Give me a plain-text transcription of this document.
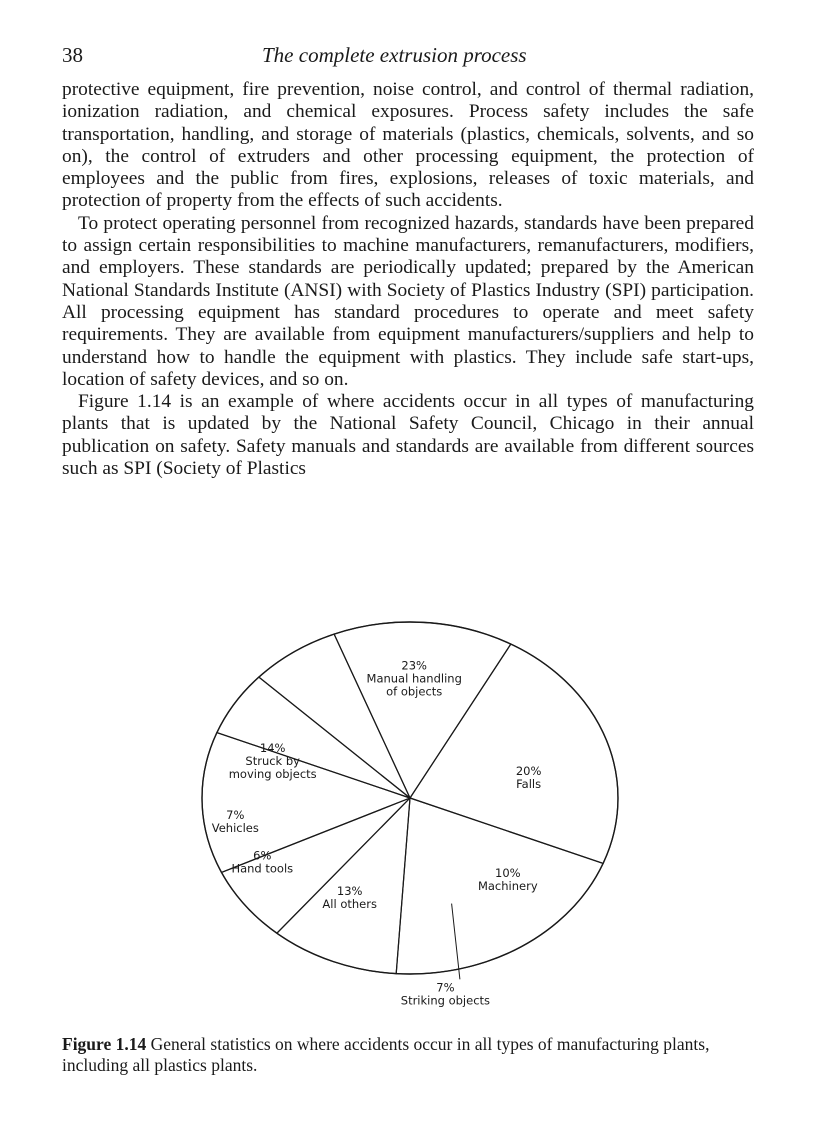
38	The complete extrusion process

protective equipment, fire prevention, noise control, and control of thermal radiation, ionization radiation, and chemical exposures. Process safety includes the safe transportation, handling, and storage of materials (plastics, chemicals, solvents, and so on), the control of extruders and other processing equipment, the protection of employees and the public from fires, explosions, releases of toxic materials, and protection of property from the effects of such accidents.

To protect operating personnel from recognized hazards, standards have been prepared to assign certain responsibilities to machine manufacturers, remanufacturers, modifiers, and employers. These standards are periodically updated; prepared by the American National Standards Institute (ANSI) with Society of Plastics Industry (SPI) participation. All processing equipment has standard procedures to operate and meet safety requirements. They are available from equipment manufacturers/suppliers and help to understand how to handle the equipment with plastics. They include safe start-ups, location of safety devices, and so on.

Figure 1.14 is an example of where accidents occur in all types of manufacturing plants that is updated by the National Safety Council, Chicago in their annual publication on safety. Safety manuals and standards are available from different sources such as SPI (Society of Plastics

23% Manual handling of objects
20% Falls
10% Machinery
7% Striking objects
13% All others
6% Hand tools
7% Vehicles
14% Struck by moving objects
Figure 1.14 General statistics on where accidents occur in all types of manufacturing plants, including all plastics plants.
